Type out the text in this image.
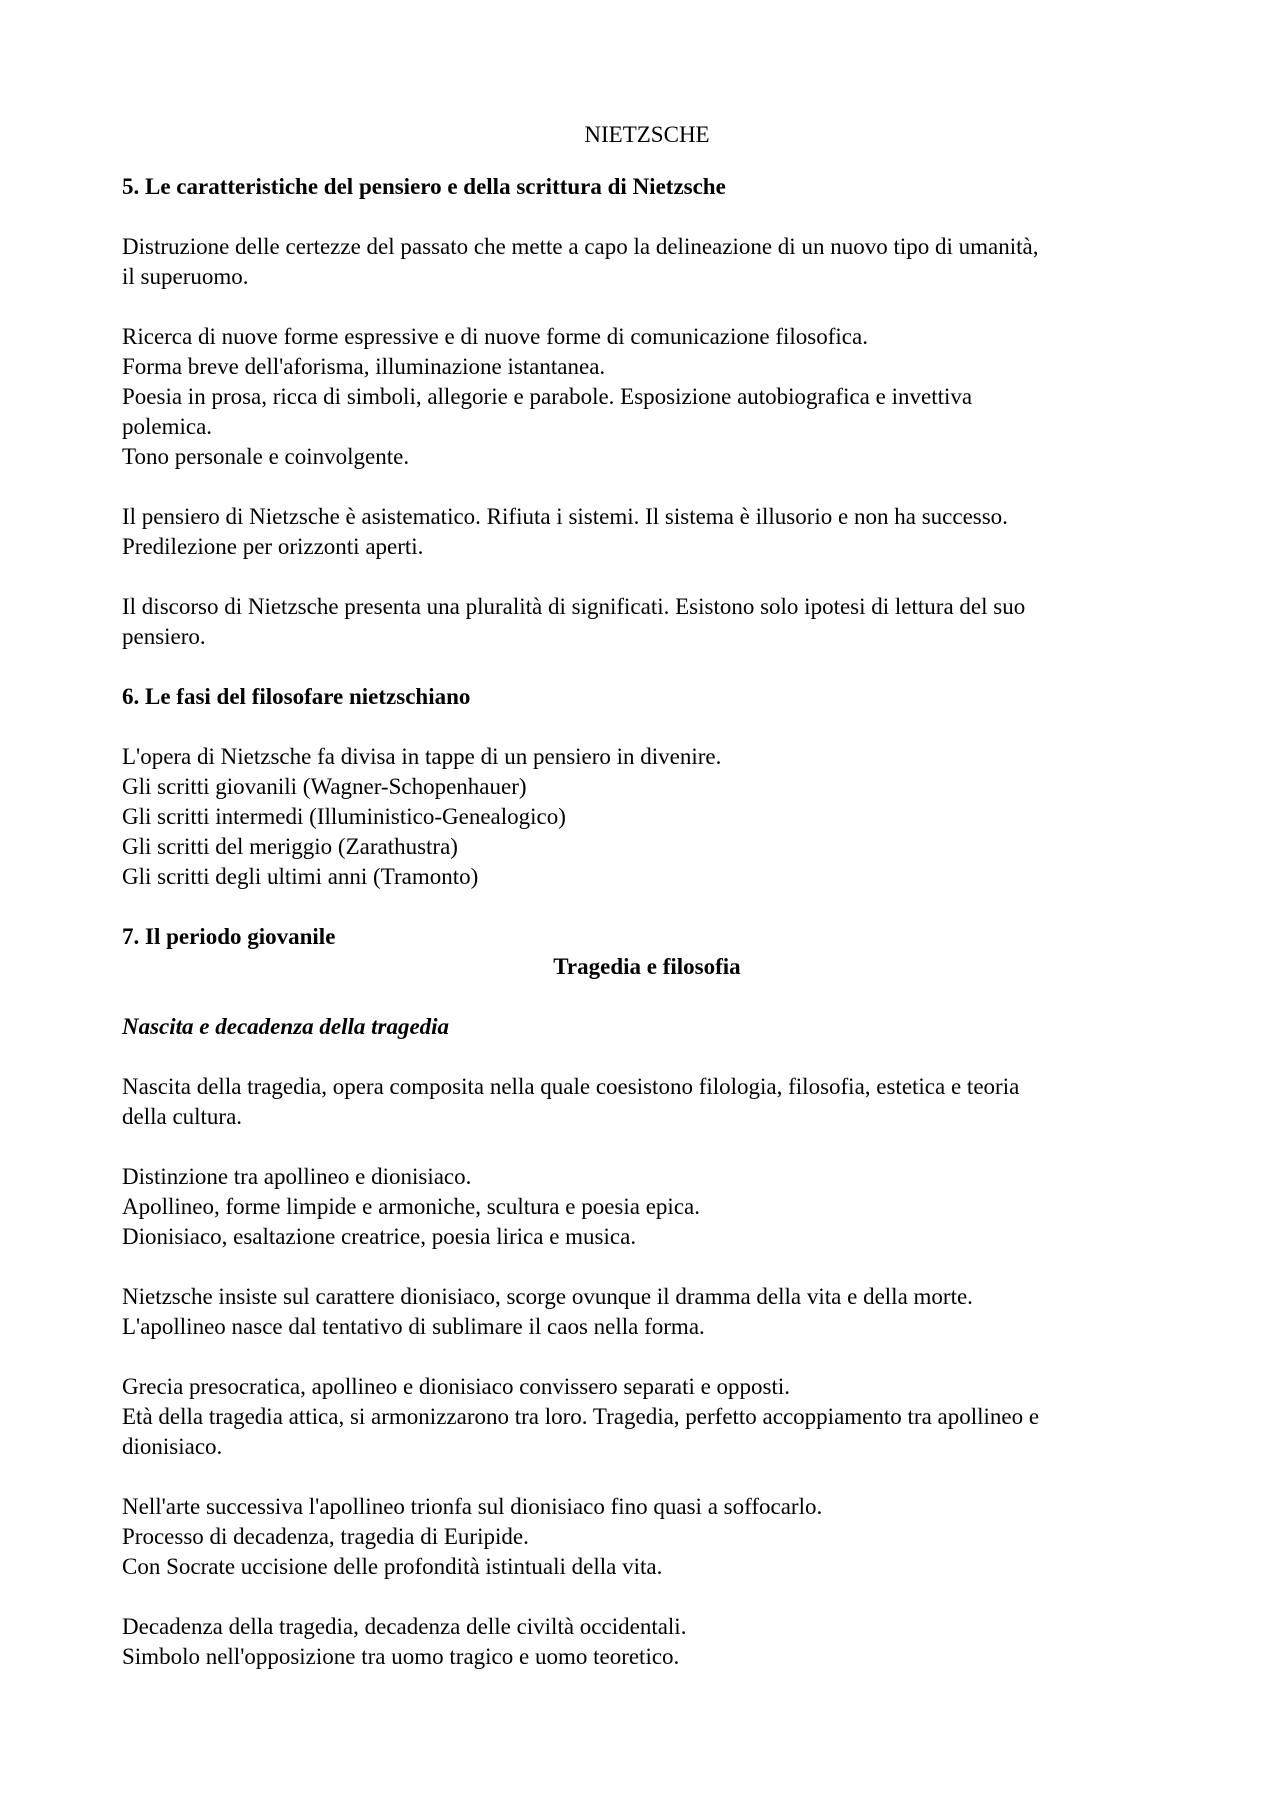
NIETZSCHE

5. Le caratteristiche del pensiero e della scrittura di Nietzsche

Distruzione delle certezze del passato che mette a capo la delineazione di un nuovo tipo di umanità,
il superuomo.

Ricerca di nuove forme espressive e di nuove forme di comunicazione filosofica.
Forma breve dell'aforisma, illuminazione istantanea.
Poesia in prosa, ricca di simboli, allegorie e parabole. Esposizione autobiografica e invettiva
polemica.
Tono personale e coinvolgente.

Il pensiero di Nietzsche è asistematico. Rifiuta i sistemi. Il sistema è illusorio e non ha successo.
Predilezione per orizzonti aperti.

Il discorso di Nietzsche presenta una pluralità di significati. Esistono solo ipotesi di lettura del suo
pensiero.

6. Le fasi del filosofare nietzschiano

L'opera di Nietzsche fa divisa in tappe di un pensiero in divenire.
Gli scritti giovanili (Wagner-Schopenhauer)
Gli scritti intermedi (Illuministico-Genealogico)
Gli scritti del meriggio (Zarathustra)
Gli scritti degli ultimi anni (Tramonto)

7. Il periodo giovanile

Tragedia e filosofia

Nascita e decadenza della tragedia

Nascita della tragedia, opera composita nella quale coesistono filologia, filosofia, estetica e teoria
della cultura.

Distinzione tra apollineo e dionisiaco.
Apollineo, forme limpide e armoniche, scultura e poesia epica.
Dionisiaco, esaltazione creatrice, poesia lirica e musica.

Nietzsche insiste sul carattere dionisiaco, scorge ovunque il dramma della vita e della morte.
L'apollineo nasce dal tentativo di sublimare il caos nella forma.

Grecia presocratica, apollineo e dionisiaco convissero separati e opposti.
Età della tragedia attica, si armonizzarono tra loro. Tragedia, perfetto accoppiamento tra apollineo e
dionisiaco.

Nell'arte successiva l'apollineo trionfa sul dionisiaco fino quasi a soffocarlo.
Processo di decadenza, tragedia di Euripide.
Con Socrate uccisione delle profondità istintuali della vita.

Decadenza della tragedia, decadenza delle civiltà occidentali.
Simbolo nell'opposizione tra uomo tragico e uomo teoretico.
